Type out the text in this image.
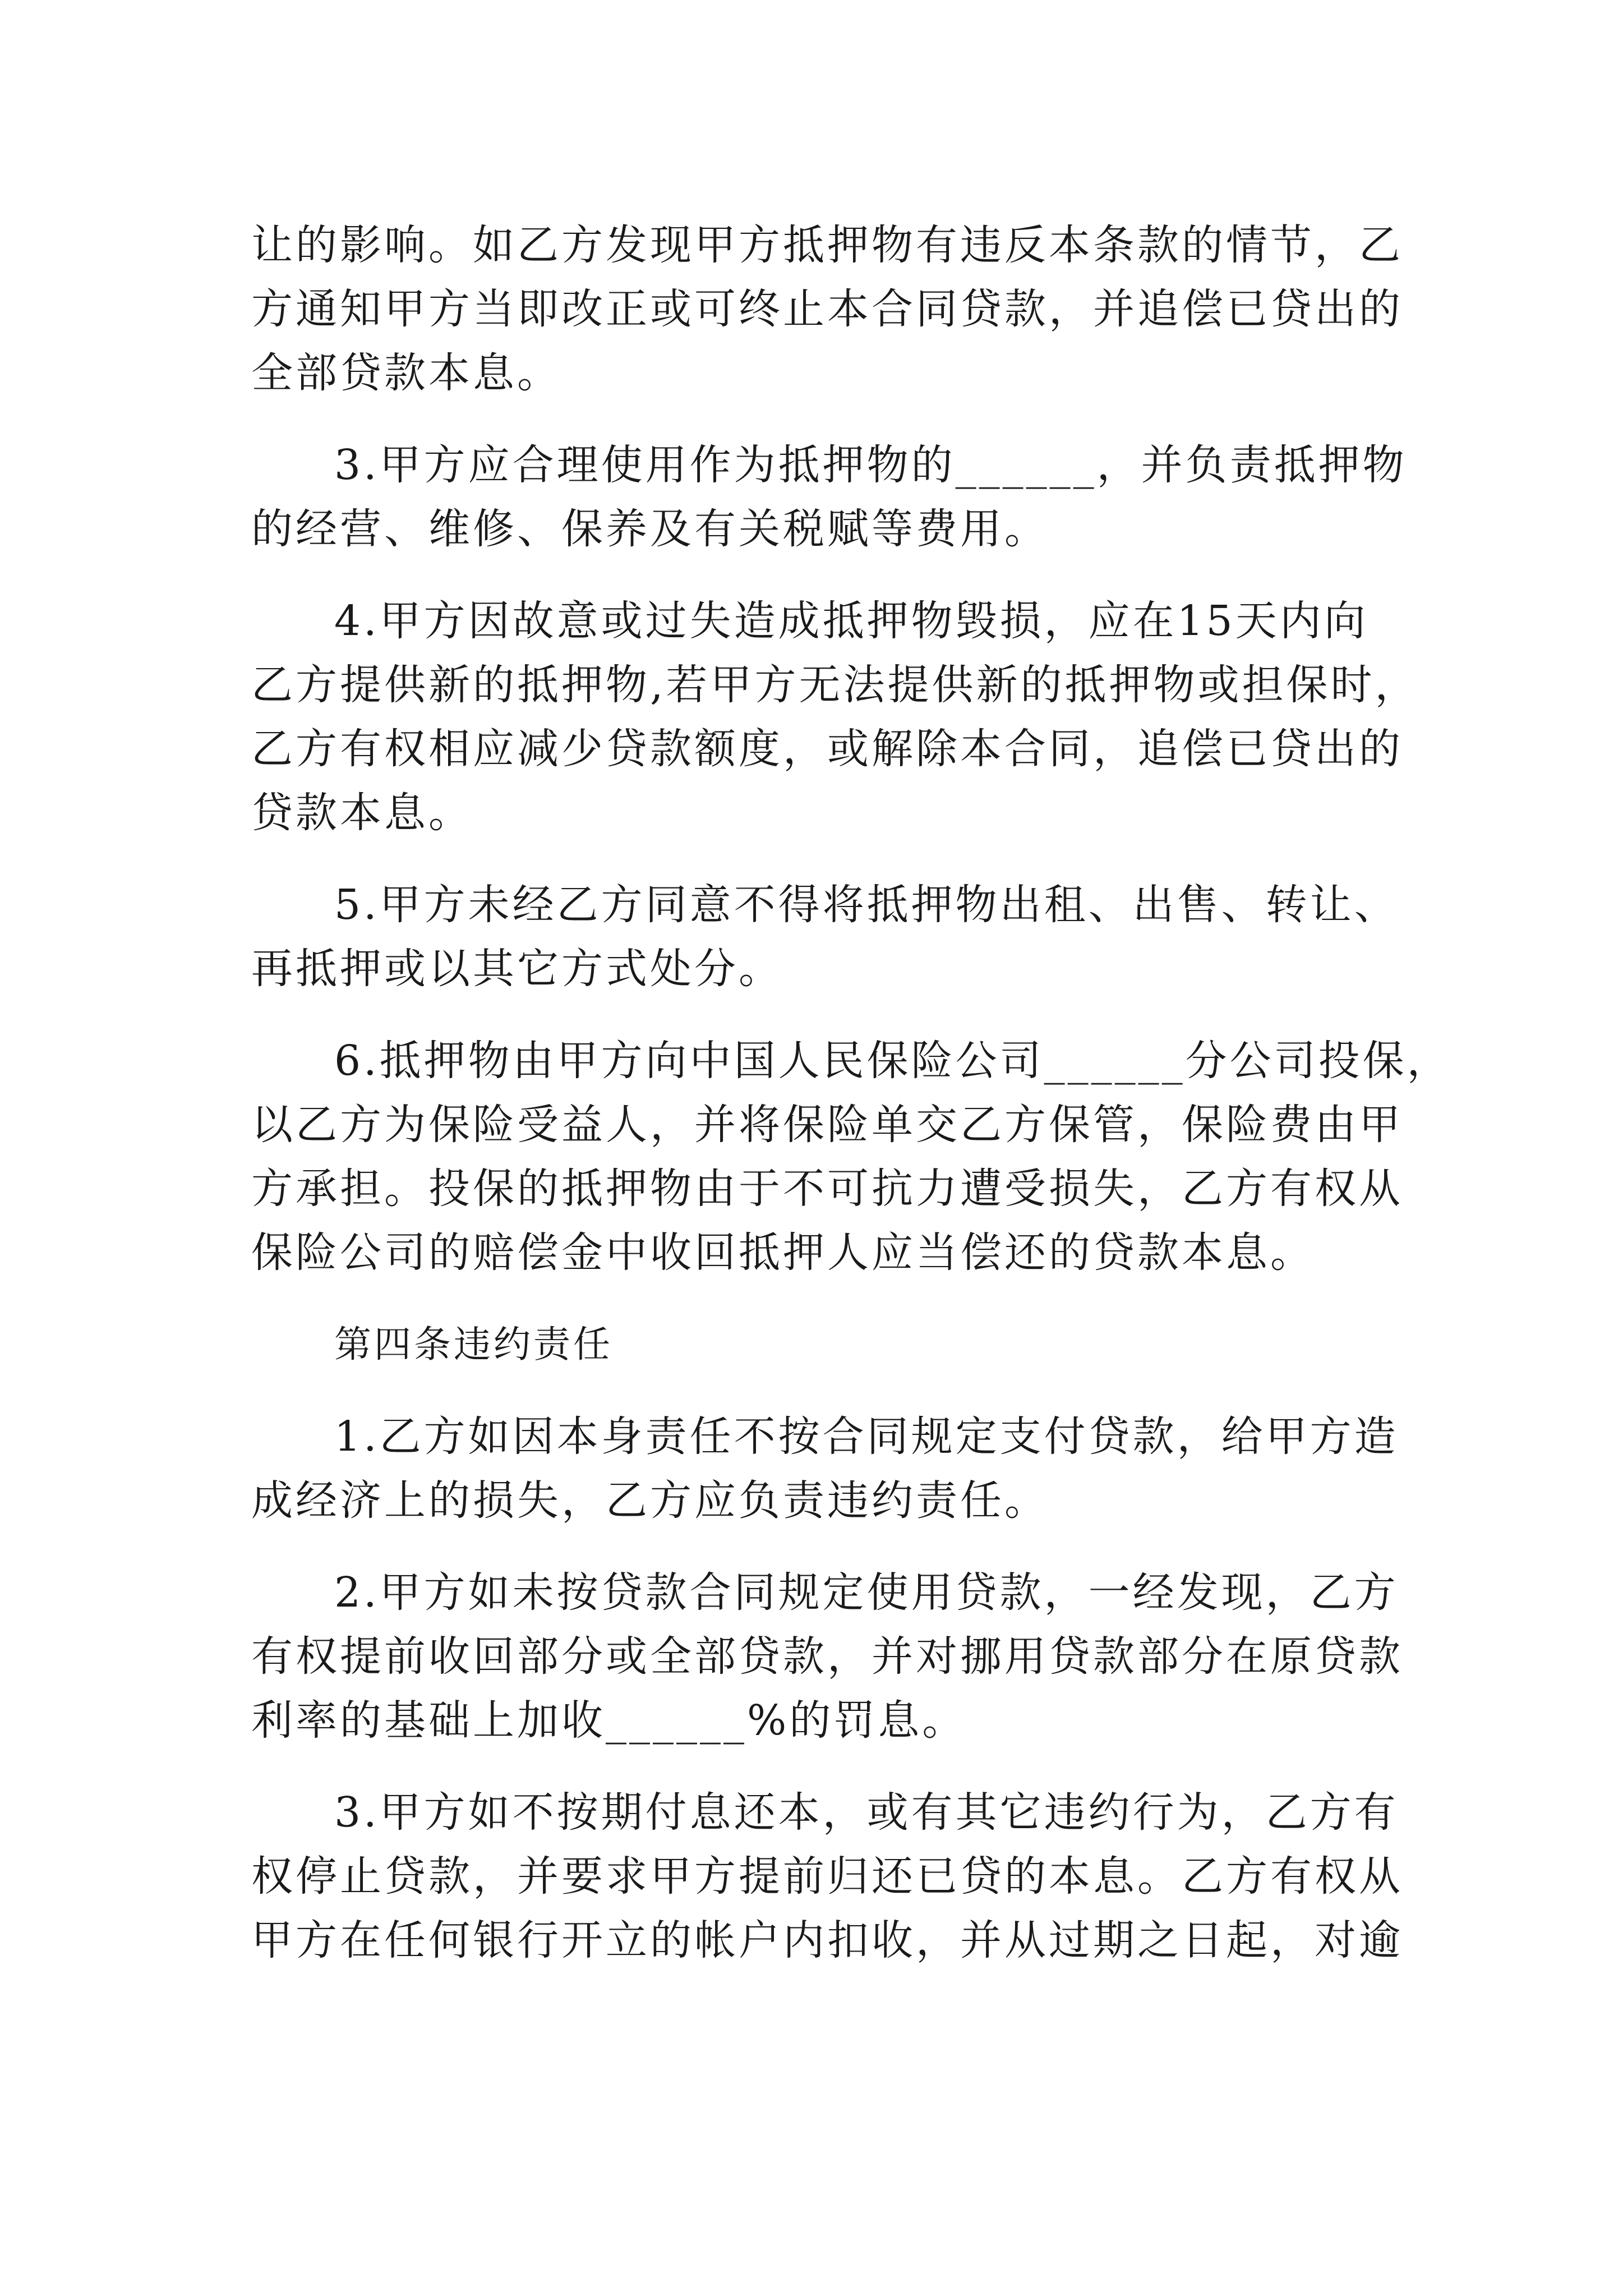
让的影响。如乙方发现甲方抵押物有违反本条款的情节，乙
方通知甲方当即改正或可终止本合同贷款，并追偿已贷出的
全部贷款本息。
3.甲方应合理使用作为抵押物的______，并负责抵押物
的经营、维修、保养及有关税赋等费用。
4.甲方因故意或过失造成抵押物毁损，应在15天内向
乙方提供新的抵押物,若甲方无法提供新的抵押物或担保时，
乙方有权相应减少贷款额度，或解除本合同，追偿已贷出的
贷款本息。
5.甲方未经乙方同意不得将抵押物出租、出售、转让、
再抵押或以其它方式处分。
6.抵押物由甲方向中国人民保险公司______分公司投保，
以乙方为保险受益人，并将保险单交乙方保管，保险费由甲
方承担。投保的抵押物由于不可抗力遭受损失，乙方有权从
保险公司的赔偿金中收回抵押人应当偿还的贷款本息。
第四条违约责任
1.乙方如因本身责任不按合同规定支付贷款，给甲方造
成经济上的损失，乙方应负责违约责任。
2.甲方如未按贷款合同规定使用贷款，一经发现，乙方
有权提前收回部分或全部贷款，并对挪用贷款部分在原贷款
利率的基础上加收______%的罚息。
3.甲方如不按期付息还本，或有其它违约行为，乙方有
权停止贷款，并要求甲方提前归还已贷的本息。乙方有权从
甲方在任何银行开立的帐户内扣收，并从过期之日起，对逾
